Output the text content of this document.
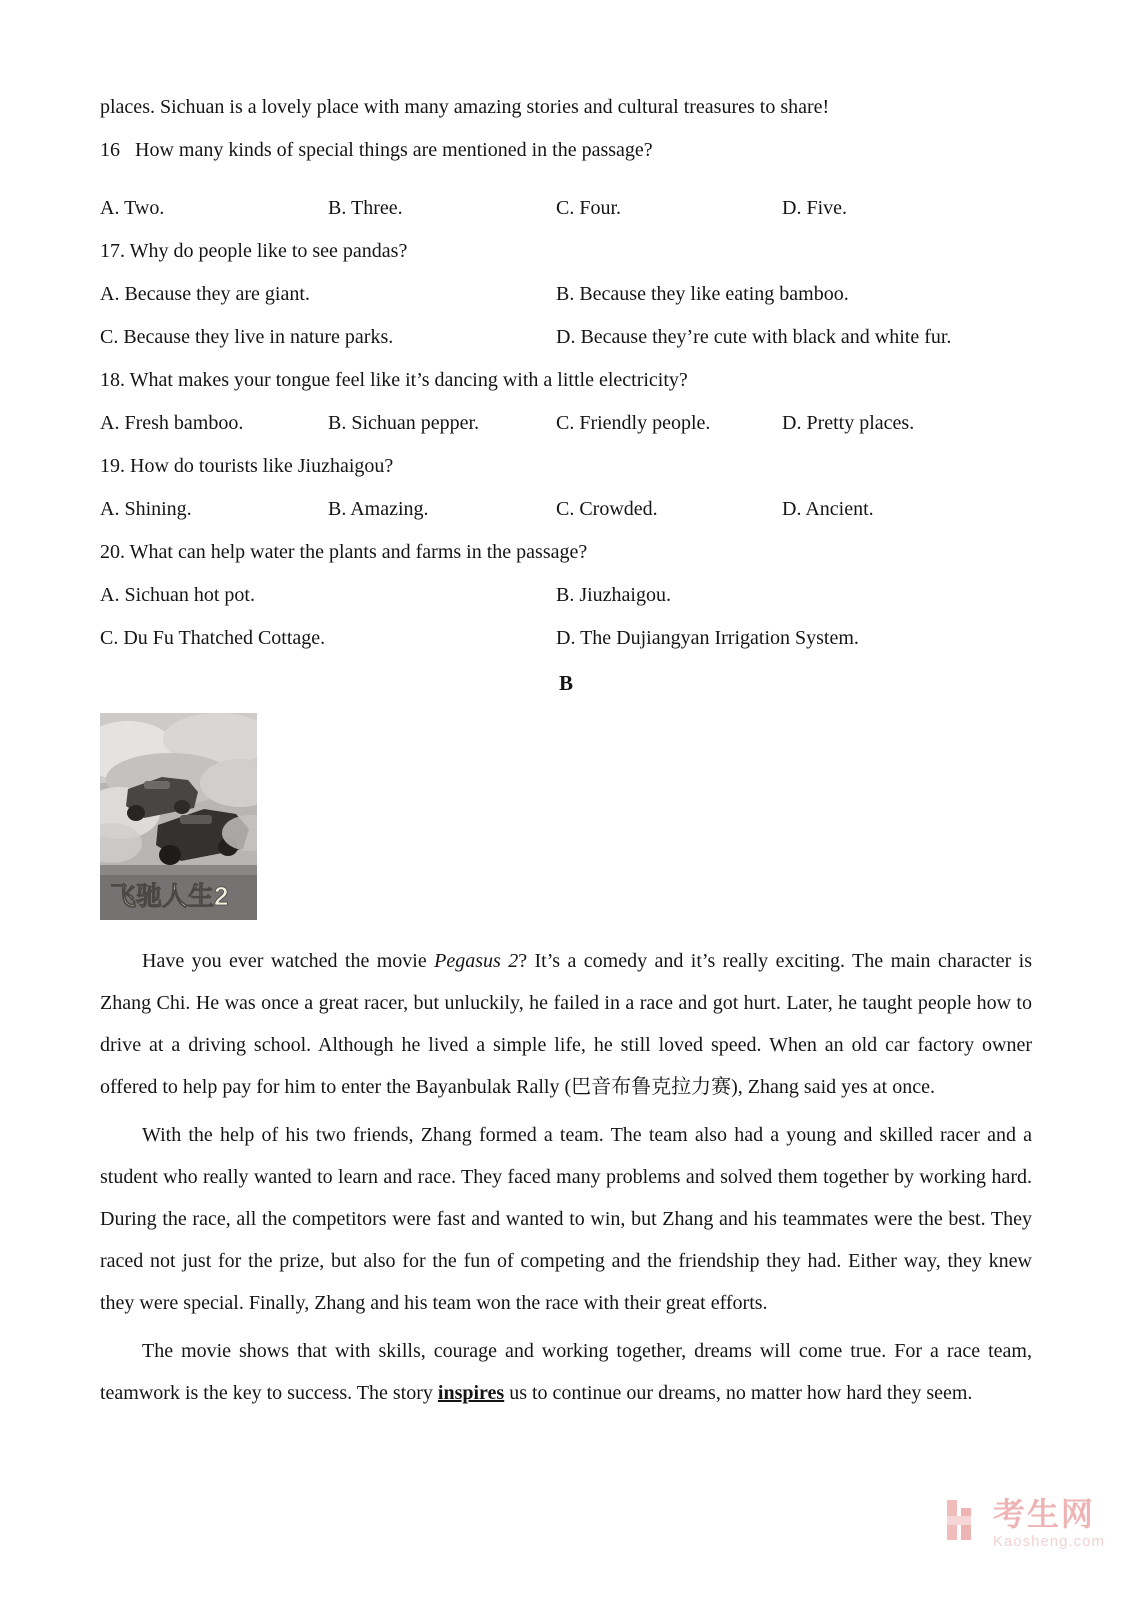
places. Sichuan is a lovely place with many amazing stories and cultural treasures to share!
16   How many kinds of special things are mentioned in the passage?
A. Two.	B. Three.	C. Four.	D. Five.
17. Why do people like to see pandas?
A. Because they are giant.	B. Because they like eating bamboo.
C. Because they live in nature parks.	D. Because they’re cute with black and white fur.
18. What makes your tongue feel like it’s dancing with a little electricity?
A. Fresh bamboo.	B. Sichuan pepper.	C. Friendly people.	D. Pretty places.
19. How do tourists like Jiuzhaigou?
A. Shining.	B. Amazing.	C. Crowded.	D. Ancient.
20. What can help water the plants and farms in the passage?
A. Sichuan hot pot.	B. Jiuzhaigou.
C. Du Fu Thatched Cottage.	D. The Dujiangyan Irrigation System.
B
飞驰人生2

Have you ever watched the movie Pegasus 2? It’s a comedy and it’s really exciting. The main character is Zhang Chi. He was once a great racer, but unluckily, he failed in a race and got hurt. Later, he taught people how to drive at a driving school. Although he lived a simple life, he still loved speed. When an old car factory owner offered to help pay for him to enter the Bayanbulak Rally (巴音布鲁克拉力赛), Zhang said yes at once.

With the help of his two friends, Zhang formed a team. The team also had a young and skilled racer and a student who really wanted to learn and race. They faced many problems and solved them together by working hard. During the race, all the competitors were fast and wanted to win, but Zhang and his teammates were the best. They raced not just for the prize, but also for the fun of competing and the friendship they had. Either way, they knew they were special. Finally, Zhang and his team won the race with their great efforts.

The movie shows that with skills, courage and working together, dreams will come true. For a race team, teamwork is the key to success. The story inspires us to continue our dreams, no matter how hard they seem.

考生网
Kaosheng.com
